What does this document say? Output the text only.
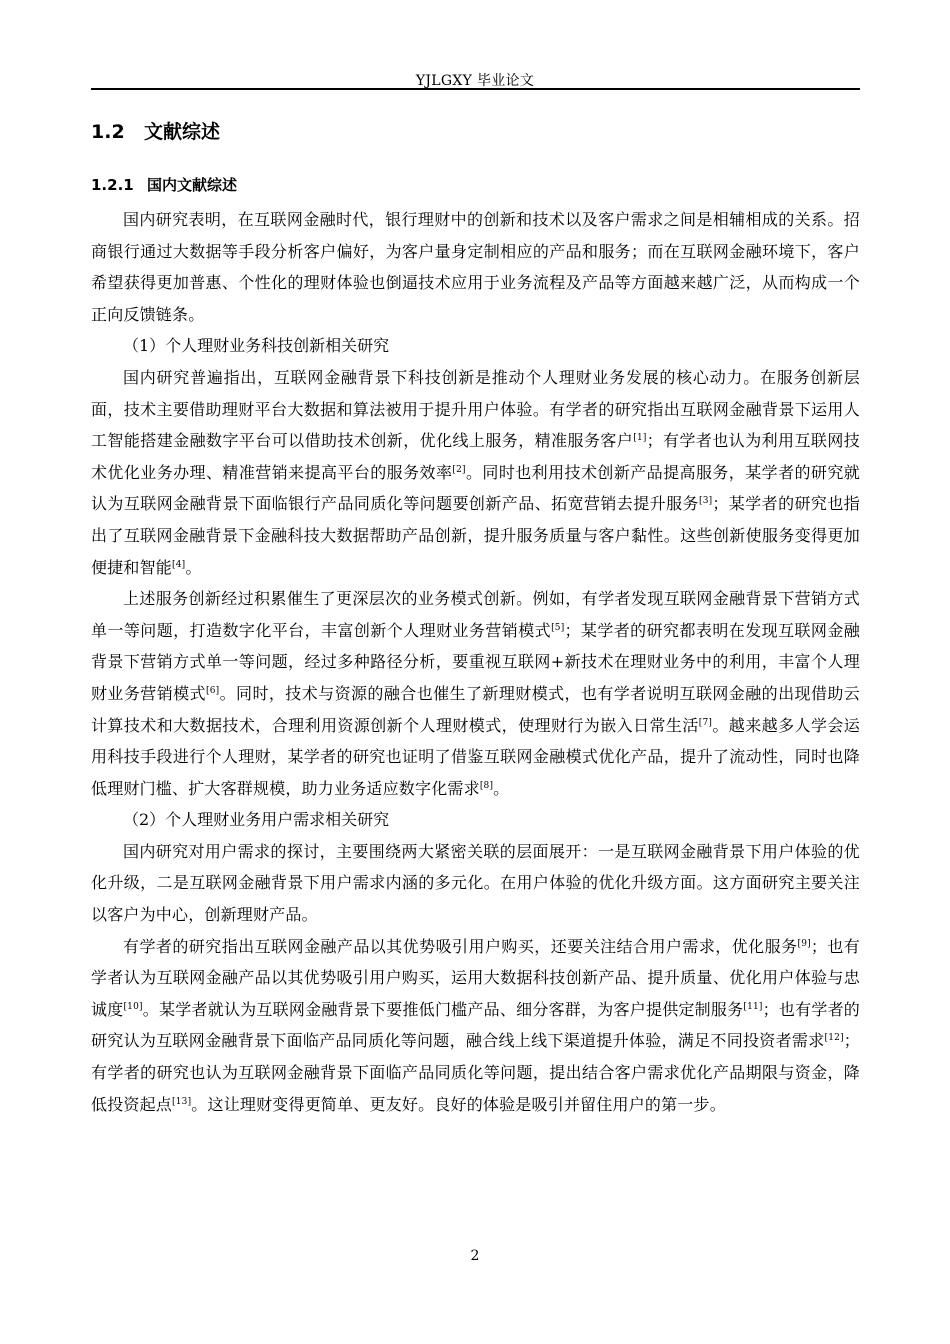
YJLGXY 毕业论文
1.2 文献综述
1.2.1 国内文献综述

国内研究表明，在互联网金融时代，银行理财中的创新和技术以及客户需求之间是相辅相成的关系。招商银行通过大数据等手段分析客户偏好，为客户量身定制相应的产品和服务；而在互联网金融环境下，客户希望获得更加普惠、个性化的理财体验也倒逼技术应用于业务流程及产品等方面越来越广泛，从而构成一个正向反馈链条。

（1）个人理财业务科技创新相关研究

国内研究普遍指出，互联网金融背景下科技创新是推动个人理财业务发展的核心动力。在服务创新层面，技术主要借助理财平台大数据和算法被用于提升用户体验。有学者的研究指出互联网金融背景下运用人工智能搭建金融数字平台可以借助技术创新，优化线上服务，精准服务客户[1]；有学者也认为利用互联网技术优化业务办理、精准营销来提高平台的服务效率[2]。同时也利用技术创新产品提高服务，某学者的研究就认为互联网金融背景下面临银行产品同质化等问题要创新产品、拓宽营销去提升服务[3]；某学者的研究也指出了互联网金融背景下金融科技大数据帮助产品创新，提升服务质量与客户黏性。这些创新使服务变得更加便捷和智能[4]。

上述服务创新经过积累催生了更深层次的业务模式创新。例如，有学者发现互联网金融背景下营销方式单一等问题，打造数字化平台，丰富创新个人理财业务营销模式[5]；某学者的研究都表明在发现互联网金融背景下营销方式单一等问题，经过多种路径分析，要重视互联网+新技术在理财业务中的利用，丰富个人理财业务营销模式[6]。同时，技术与资源的融合也催生了新理财模式，也有学者说明互联网金融的出现借助云计算技术和大数据技术，合理利用资源创新个人理财模式，使理财行为嵌入日常生活[7]。越来越多人学会运用科技手段进行个人理财，某学者的研究也证明了借鉴互联网金融模式优化产品，提升了流动性，同时也降低理财门槛、扩大客群规模，助力业务适应数字化需求[8]。

（2）个人理财业务用户需求相关研究

国内研究对用户需求的探讨，主要围绕两大紧密关联的层面展开：一是互联网金融背景下用户体验的优化升级，二是互联网金融背景下用户需求内涵的多元化。在用户体验的优化升级方面。这方面研究主要关注以客户为中心，创新理财产品。

有学者的研究指出互联网金融产品以其优势吸引用户购买，还要关注结合用户需求，优化服务[9]；也有学者认为互联网金融产品以其优势吸引用户购买，运用大数据科技创新产品、提升质量、优化用户体验与忠诚度[10]。某学者就认为互联网金融背景下要推低门槛产品、细分客群，为客户提供定制服务[11]；也有学者的研究认为互联网金融背景下面临产品同质化等问题，融合线上线下渠道提升体验，满足不同投资者需求[12]；有学者的研究也认为互联网金融背景下面临产品同质化等问题，提出结合客户需求优化产品期限与资金，降低投资起点[13]。这让理财变得更简单、更友好。良好的体验是吸引并留住用户的第一步。

2
